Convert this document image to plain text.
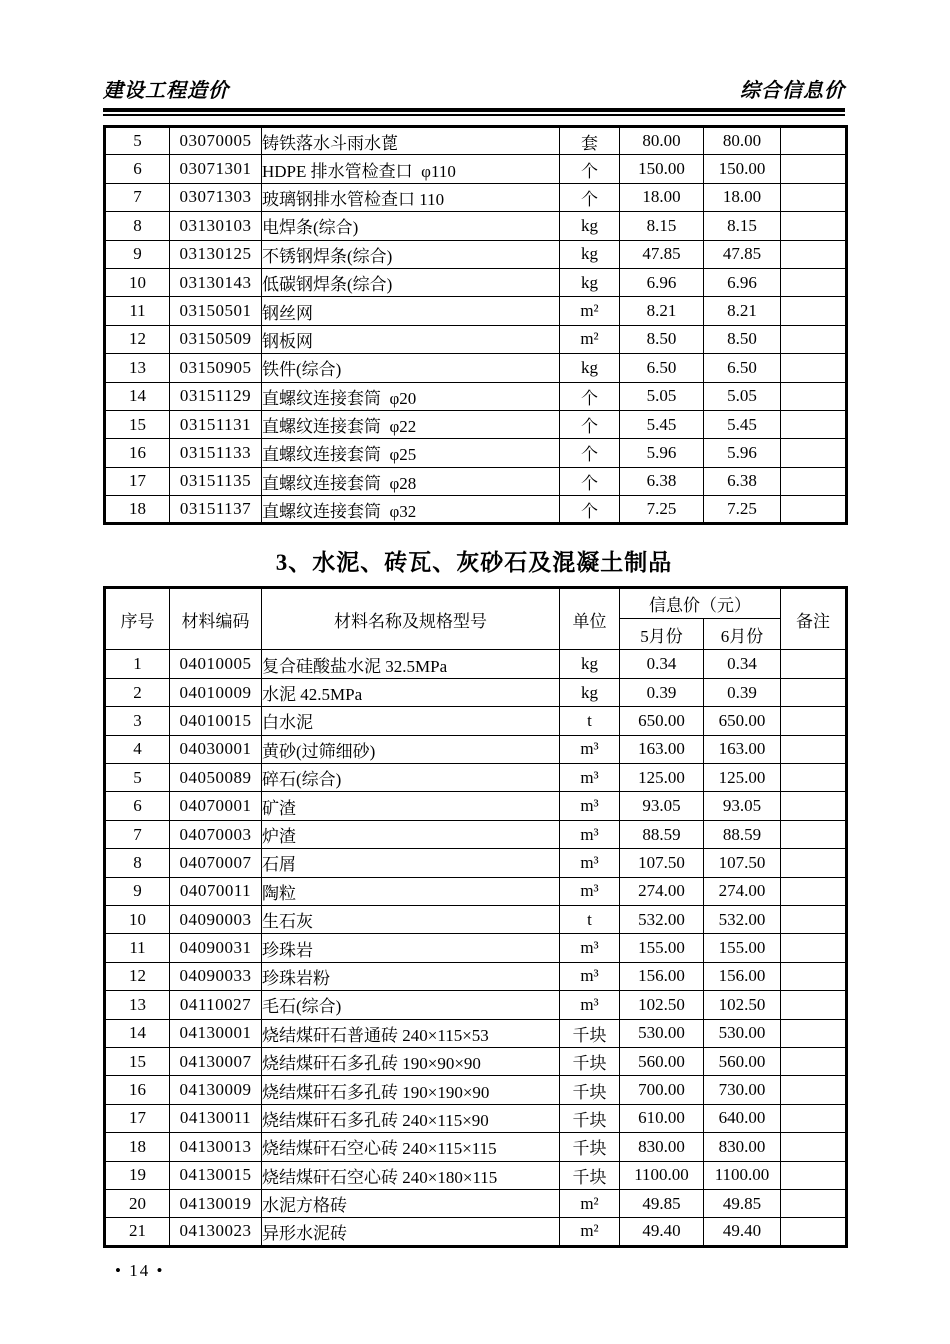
建设工程造价	综合信息价
5	03070005	铸铁落水斗雨水蓖	套	80.00	80.00	
6	03071301	HDPE 排水管检查口  φ110	个	150.00	150.00	
7	03071303	玻璃钢排水管检查口 110	个	18.00	18.00	
8	03130103	电焊条(综合)	kg	8.15	8.15	
9	03130125	不锈钢焊条(综合)	kg	47.85	47.85	
10	03130143	低碳钢焊条(综合)	kg	6.96	6.96	
11	03150501	钢丝网	m²	8.21	8.21	
12	03150509	钢板网	m²	8.50	8.50	
13	03150905	铁件(综合)	kg	6.50	6.50	
14	03151129	直螺纹连接套筒  φ20	个	5.05	5.05	
15	03151131	直螺纹连接套筒  φ22	个	5.45	5.45	
16	03151133	直螺纹连接套筒  φ25	个	5.96	5.96	
17	03151135	直螺纹连接套筒  φ28	个	6.38	6.38	
18	03151137	直螺纹连接套筒  φ32	个	7.25	7.25	
3、水泥、砖瓦、灰砂石及混凝土制品
序号	材料编码	材料名称及规格型号	单位	信息价（元）		备注
				5月份	6月份	
1	04010005	复合硅酸盐水泥 32.5MPa	kg	0.34	0.34	
2	04010009	水泥 42.5MPa	kg	0.39	0.39	
3	04010015	白水泥	t	650.00	650.00	
4	04030001	黄砂(过筛细砂)	m³	163.00	163.00	
5	04050089	碎石(综合)	m³	125.00	125.00	
6	04070001	矿渣	m³	93.05	93.05	
7	04070003	炉渣	m³	88.59	88.59	
8	04070007	石屑	m³	107.50	107.50	
9	04070011	陶粒	m³	274.00	274.00	
10	04090003	生石灰	t	532.00	532.00	
11	04090031	珍珠岩	m³	155.00	155.00	
12	04090033	珍珠岩粉	m³	156.00	156.00	
13	04110027	毛石(综合)	m³	102.50	102.50	
14	04130001	烧结煤矸石普通砖 240×115×53	千块	530.00	530.00	
15	04130007	烧结煤矸石多孔砖 190×90×90	千块	560.00	560.00	
16	04130009	烧结煤矸石多孔砖 190×190×90	千块	700.00	730.00	
17	04130011	烧结煤矸石多孔砖 240×115×90	千块	610.00	640.00	
18	04130013	烧结煤矸石空心砖 240×115×115	千块	830.00	830.00	
19	04130015	烧结煤矸石空心砖 240×180×115	千块	1100.00	1100.00	
20	04130019	水泥方格砖	m²	49.85	49.85	
21	04130023	异形水泥砖	m²	49.40	49.40	
• 14 •
